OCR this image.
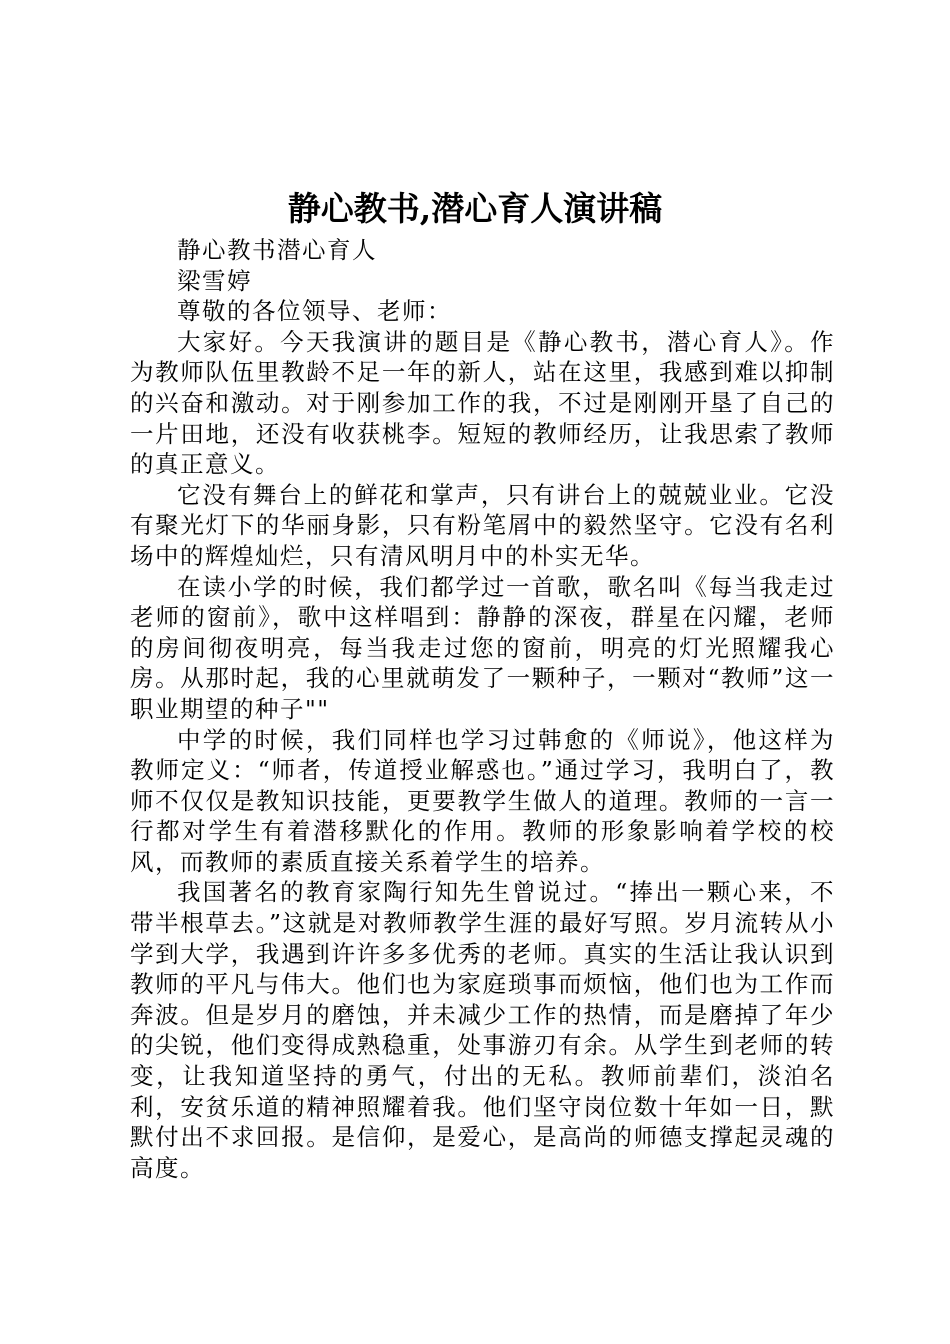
静心教书,潜心育人演讲稿

静心教书潜心育人

梁雪婷

尊敬的各位领导、老师：

大家好。今天我演讲的题目是《静心教书，潜心育人》。作为教师队伍里教龄不足一年的新人，站在这里，我感到难以抑制的兴奋和激动。对于刚参加工作的我，不过是刚刚开垦了自己的一片田地，还没有收获桃李。短短的教师经历，让我思索了教师的真正意义。

它没有舞台上的鲜花和掌声，只有讲台上的兢兢业业。它没有聚光灯下的华丽身影，只有粉笔屑中的毅然坚守。它没有名利场中的辉煌灿烂，只有清风明月中的朴实无华。

在读小学的时候，我们都学过一首歌，歌名叫《每当我走过老师的窗前》，歌中这样唱到：静静的深夜，群星在闪耀，老师的房间彻夜明亮，每当我走过您的窗前，明亮的灯光照耀我心房。从那时起，我的心里就萌发了一颗种子，一颗对“教师”这一职业期望的种子""

中学的时候，我们同样也学习过韩愈的《师说》，他这样为教师定义：“师者，传道授业解惑也。”通过学习，我明白了，教师不仅仅是教知识技能，更要教学生做人的道理。教师的一言一行都对学生有着潜移默化的作用。教师的形象影响着学校的校风，而教师的素质直接关系着学生的培养。

我国著名的教育家陶行知先生曾说过。“捧出一颗心来，不带半根草去。”这就是对教师教学生涯的最好写照。岁月流转从小学到大学，我遇到许许多多优秀的老师。真实的生活让我认识到教师的平凡与伟大。他们也为家庭琐事而烦恼，他们也为工作而奔波。但是岁月的磨蚀，并未减少工作的热情，而是磨掉了年少的尖锐，他们变得成熟稳重，处事游刃有余。从学生到老师的转变，让我知道坚持的勇气，付出的无私。教师前辈们，淡泊名利，安贫乐道的精神照耀着我。他们坚守岗位数十年如一日，默默付出不求回报。是信仰，是爱心，是高尚的师德支撑起灵魂的高度。
